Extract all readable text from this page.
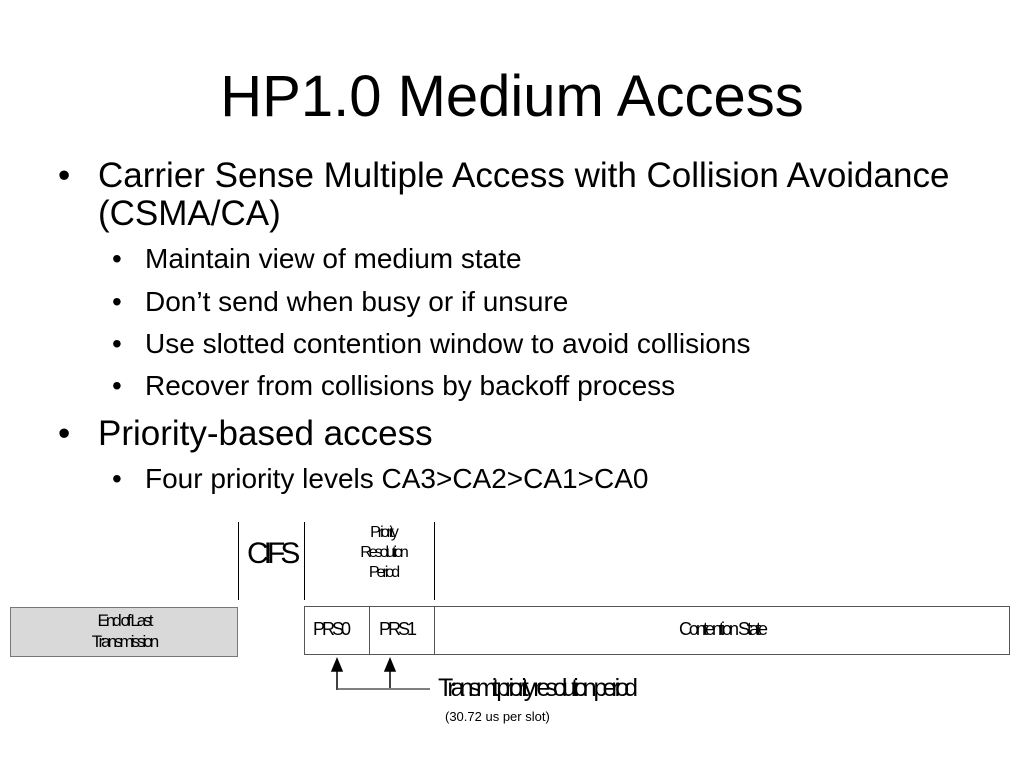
HP1.0 Medium Access
• Carrier Sense Multiple Access with Collision Avoidance (CSMA/CA)
• Maintain view of medium state
• Don’t send when busy or if unsure
• Use slotted contention window to avoid collisions
• Recover from collisions by backoff process
• Priority-based access
• Four priority levels CA3>CA2>CA1>CA0
CIFS
Priority
Resolution
Period
End of Last
Transmission
PRS0 PRS1	Contention State
Transmit priority resolution period
(30.72 us per slot)
